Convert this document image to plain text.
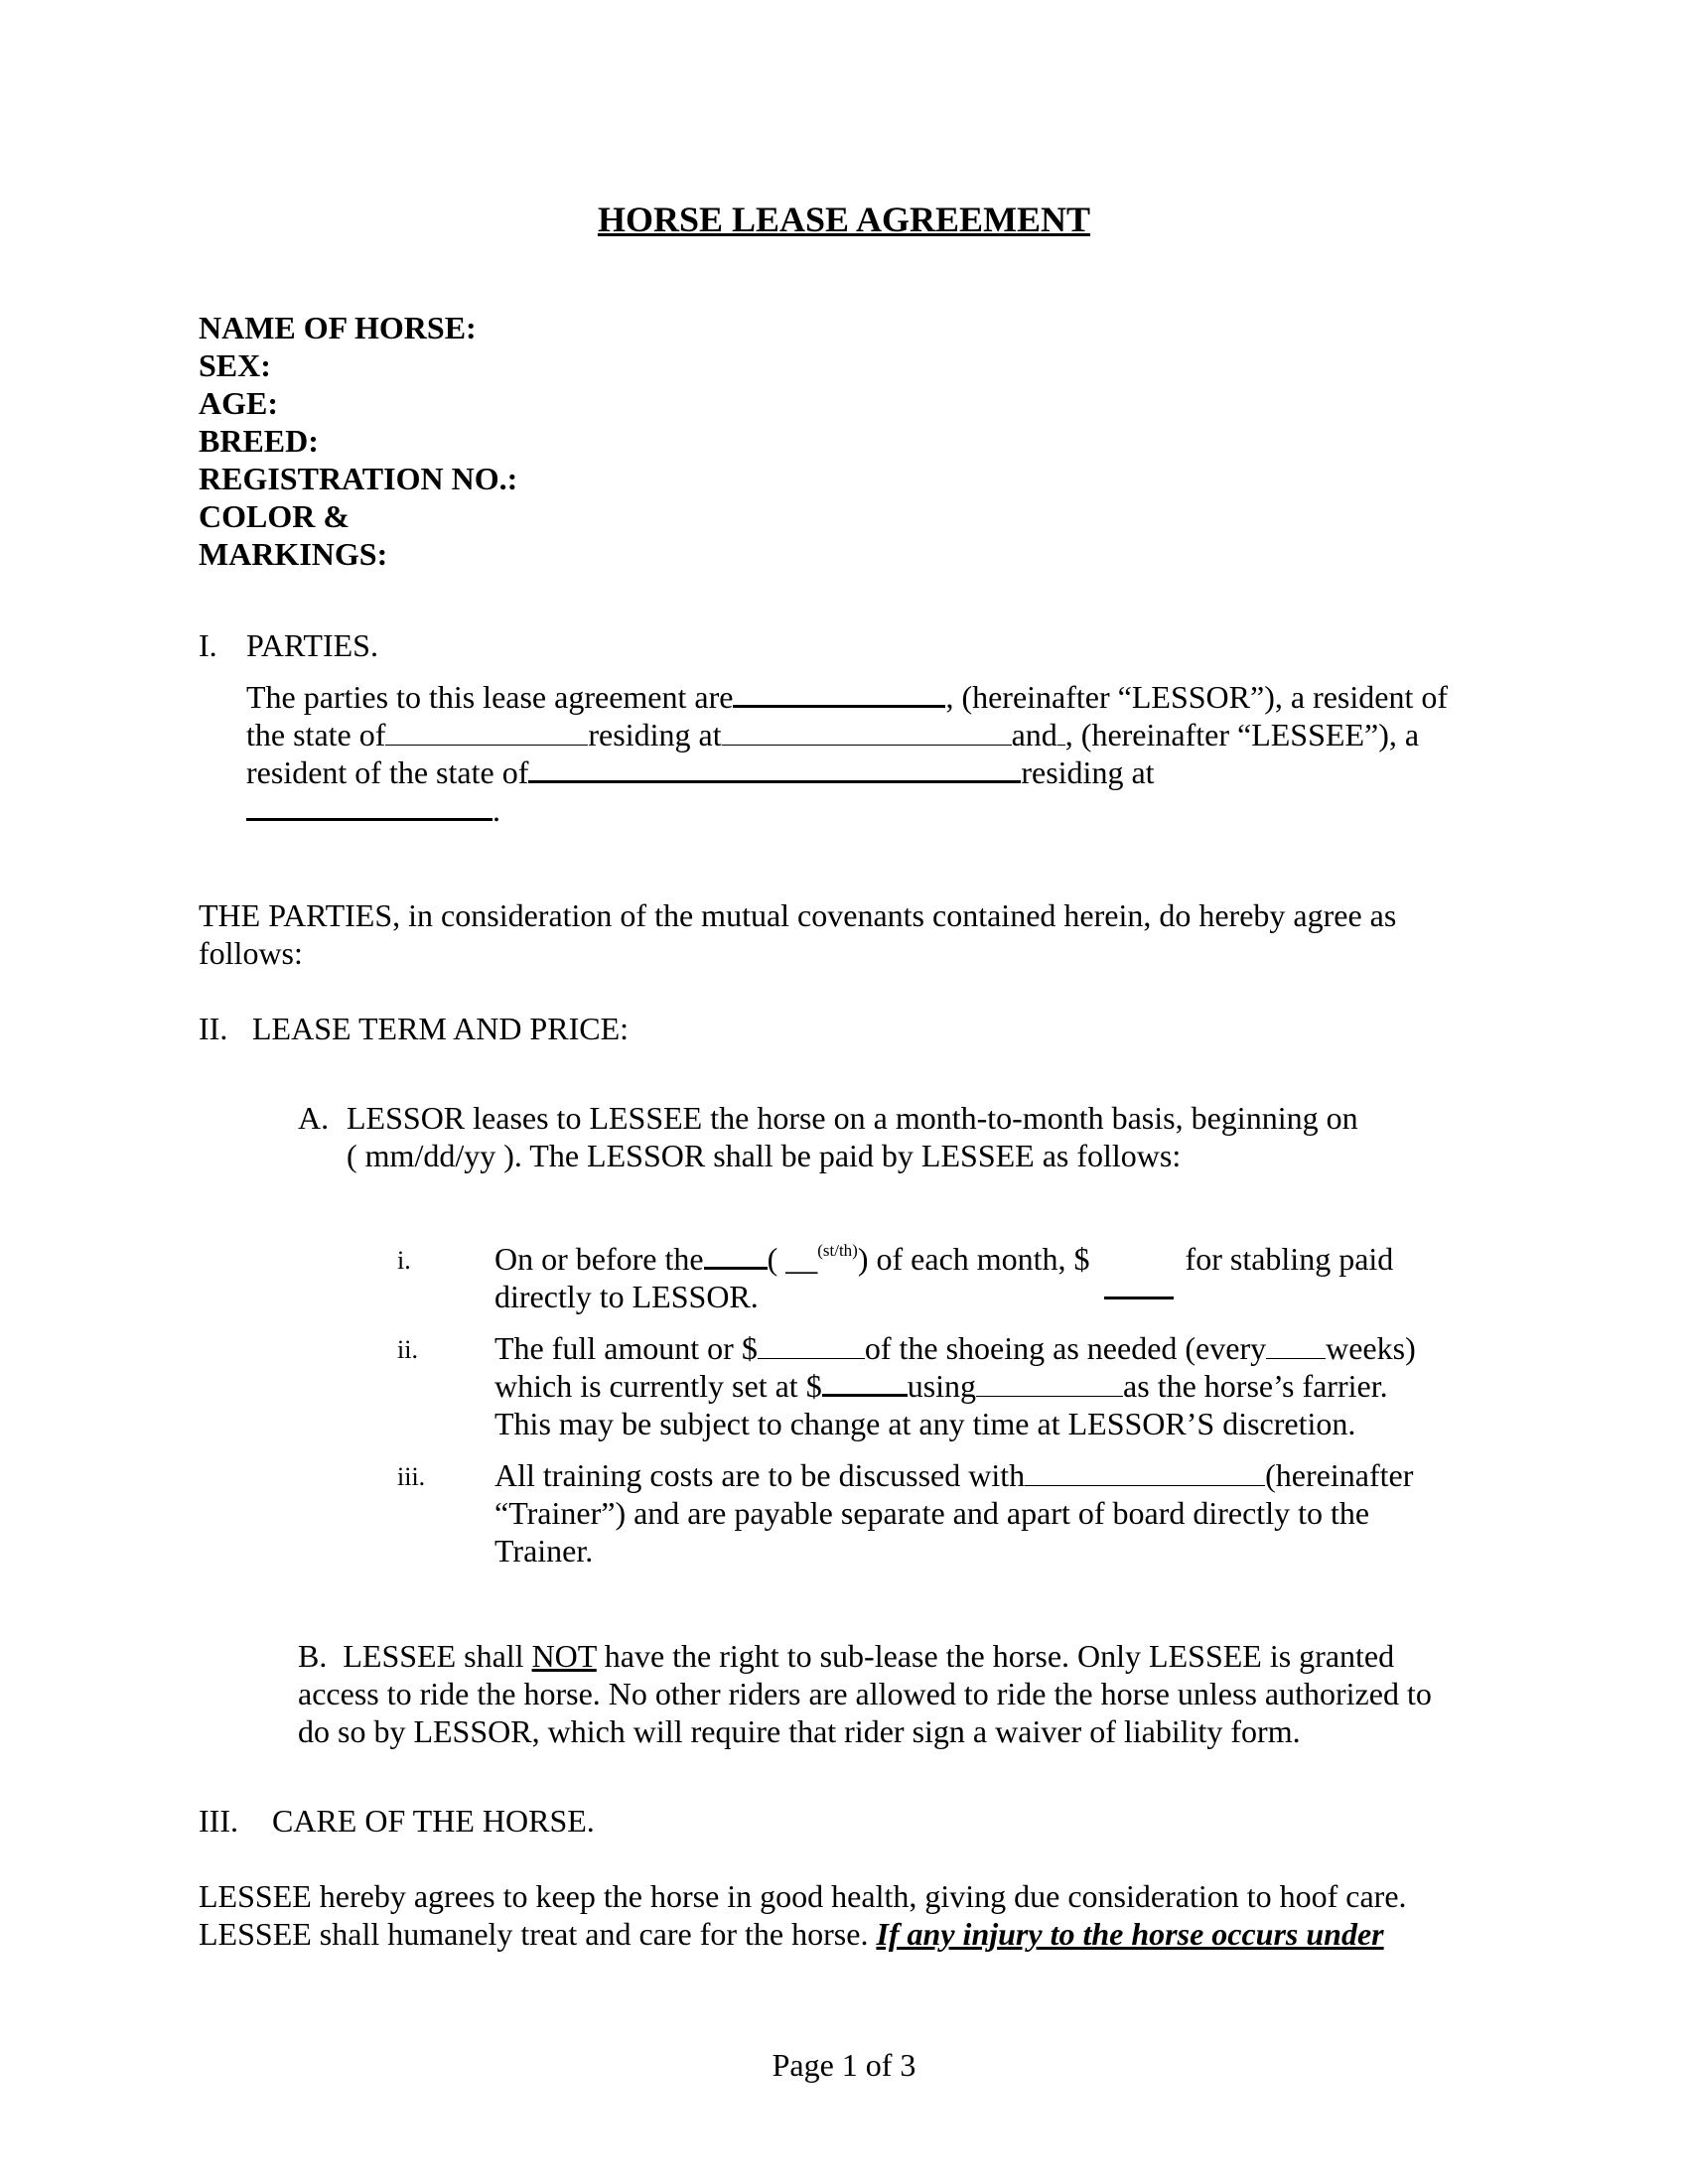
HORSE LEASE AGREEMENT
NAME OF HORSE:
SEX:
AGE:
BREED:
REGISTRATION NO.:
COLOR &
MARKINGS:
I. PARTIES.
The parties to this lease agreement are	, (hereinafter “LESSOR”), a resident of
the state of	residing at	and , (hereinafter “LESSEE”), a
resident of the state of	residing at
.
THE PARTIES, in consideration of the mutual covenants contained herein, do hereby agree as
follows:
II. LEASE TERM AND PRICE:
A. LESSOR leases to LESSEE the horse on a month-to-month basis, beginning on
( mm/dd/yy ). The LESSOR shall be paid by LESSEE as follows:
i.	On or before the ( __$^{(st/th)}$) of each month, $	for stabling paid
directly to LESSOR.
ii. The full amount or $	of the shoeing as needed (every weeks)
which is currently set at $	using	as the horse’s farrier.
This may be subject to change at any time at LESSOR’S discretion.
iii. All training costs are to be discussed with	(hereinafter
“Trainer”) and are payable separate and apart of board directly to the
Trainer.
B. LESSEE shall NOT have the right to sub-lease the horse. Only LESSEE is granted
access to ride the horse. No other riders are allowed to ride the horse unless authorized to
do so by LESSOR, which will require that rider sign a waiver of liability form.
III. CARE OF THE HORSE.
LESSEE hereby agrees to keep the horse in good health, giving due consideration to hoof care.
LESSEE shall humanely treat and care for the horse. If any injury to the horse occurs under
Page 1 of 3
